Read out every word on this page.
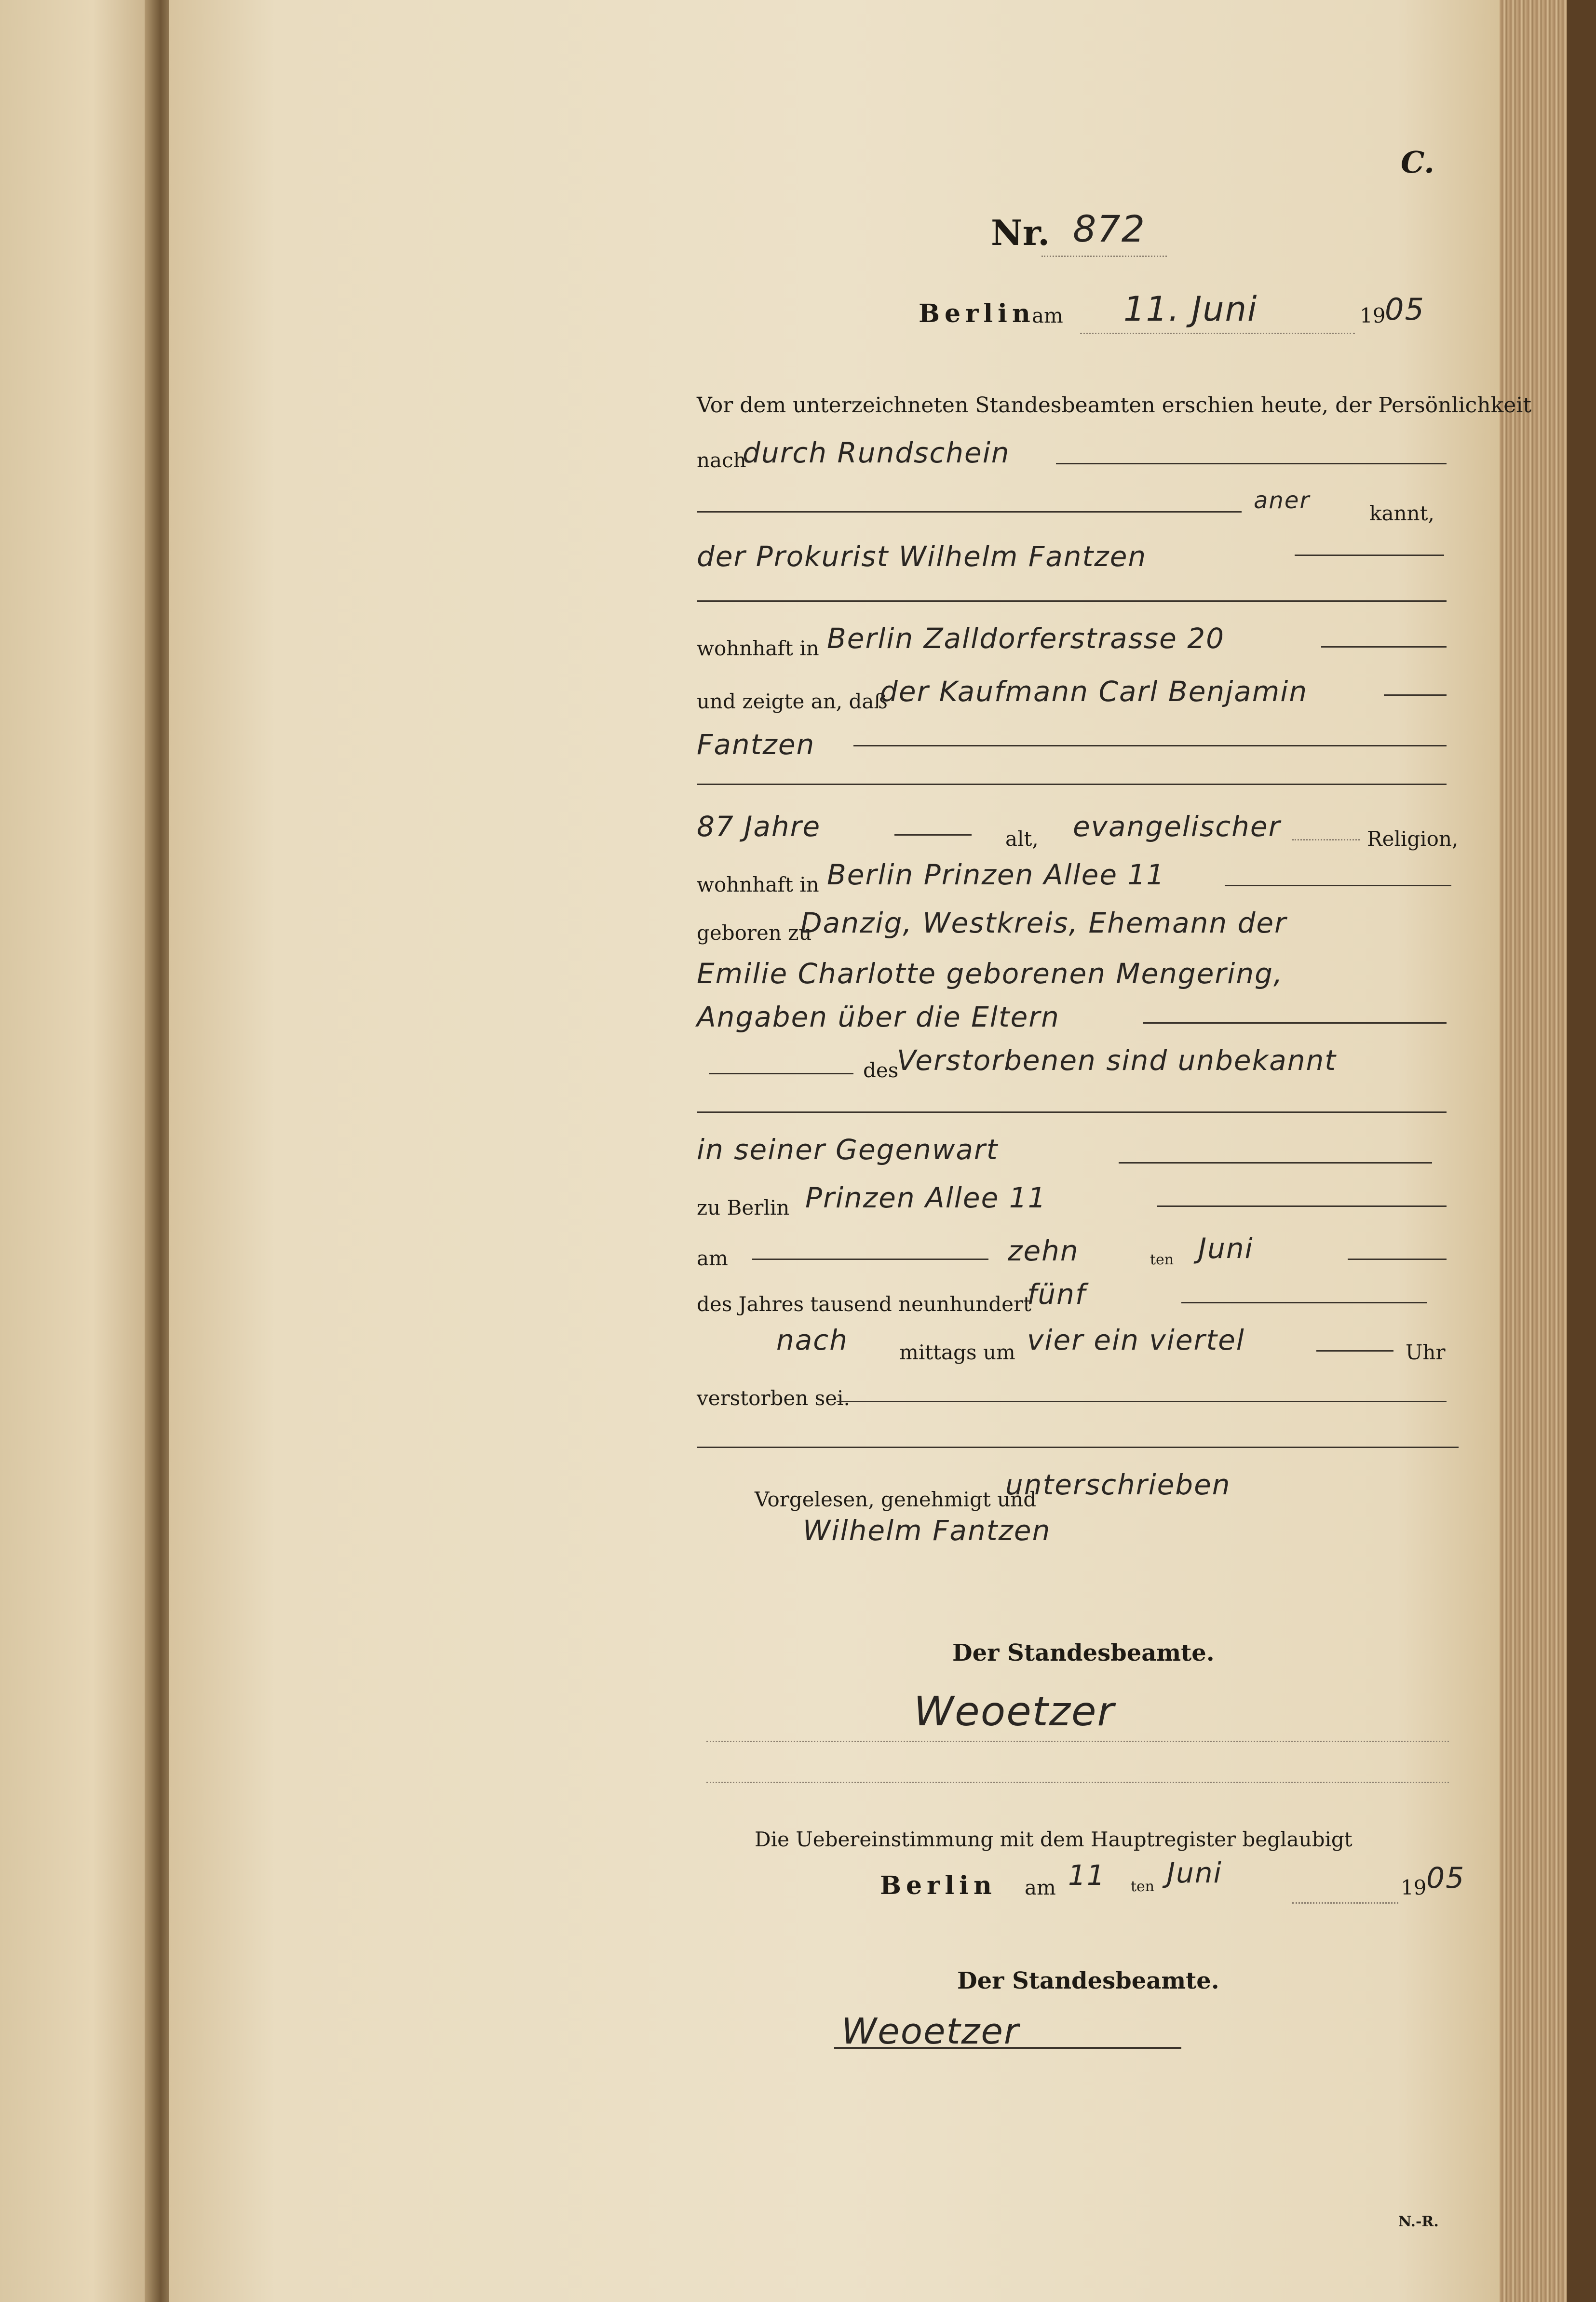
C.
Nr. 872
Berlin
am 11. Juni	19
05
Vor dem unterzeichneten Standesbeamten erschien heute, der Persönlichkeit
nach
durch Rundschein
aner	kannt,
der Prokurist Wilhelm Fantzen
wohnhaft in Berlin Zalldorferstrasse 20
und zeigte an, daß
der Kaufmann Carl Benjamin
Fantzen
87 Jahre	alt, evangelischer	Religion,
wohnhaft in Berlin Prinzen Allee 11
geboren zu
Danzig, Westkreis, Ehemann der
Emilie Charlotte geborenen Mengering,
Angaben über die Eltern
des
Verstorbenen sind unbekannt
in seiner Gegenwart
zu Berlin Prinzen Allee 11
am	zehn	ten Juni
des Jahres tausend neunhundert
fünf
nach	mittags um vier ein viertel	Uhr
verstorben sei.
Vorgelesen, genehmigt und
unterschrieben
Wilhelm Fantzen
Der Standesbeamte.
Weoetzer
Die Uebereinstimmung mit dem Hauptregister beglaubigt
Berlin am 11 ten Juni	19 05
Der Standesbeamte.
Weoetzer
N.-R.
